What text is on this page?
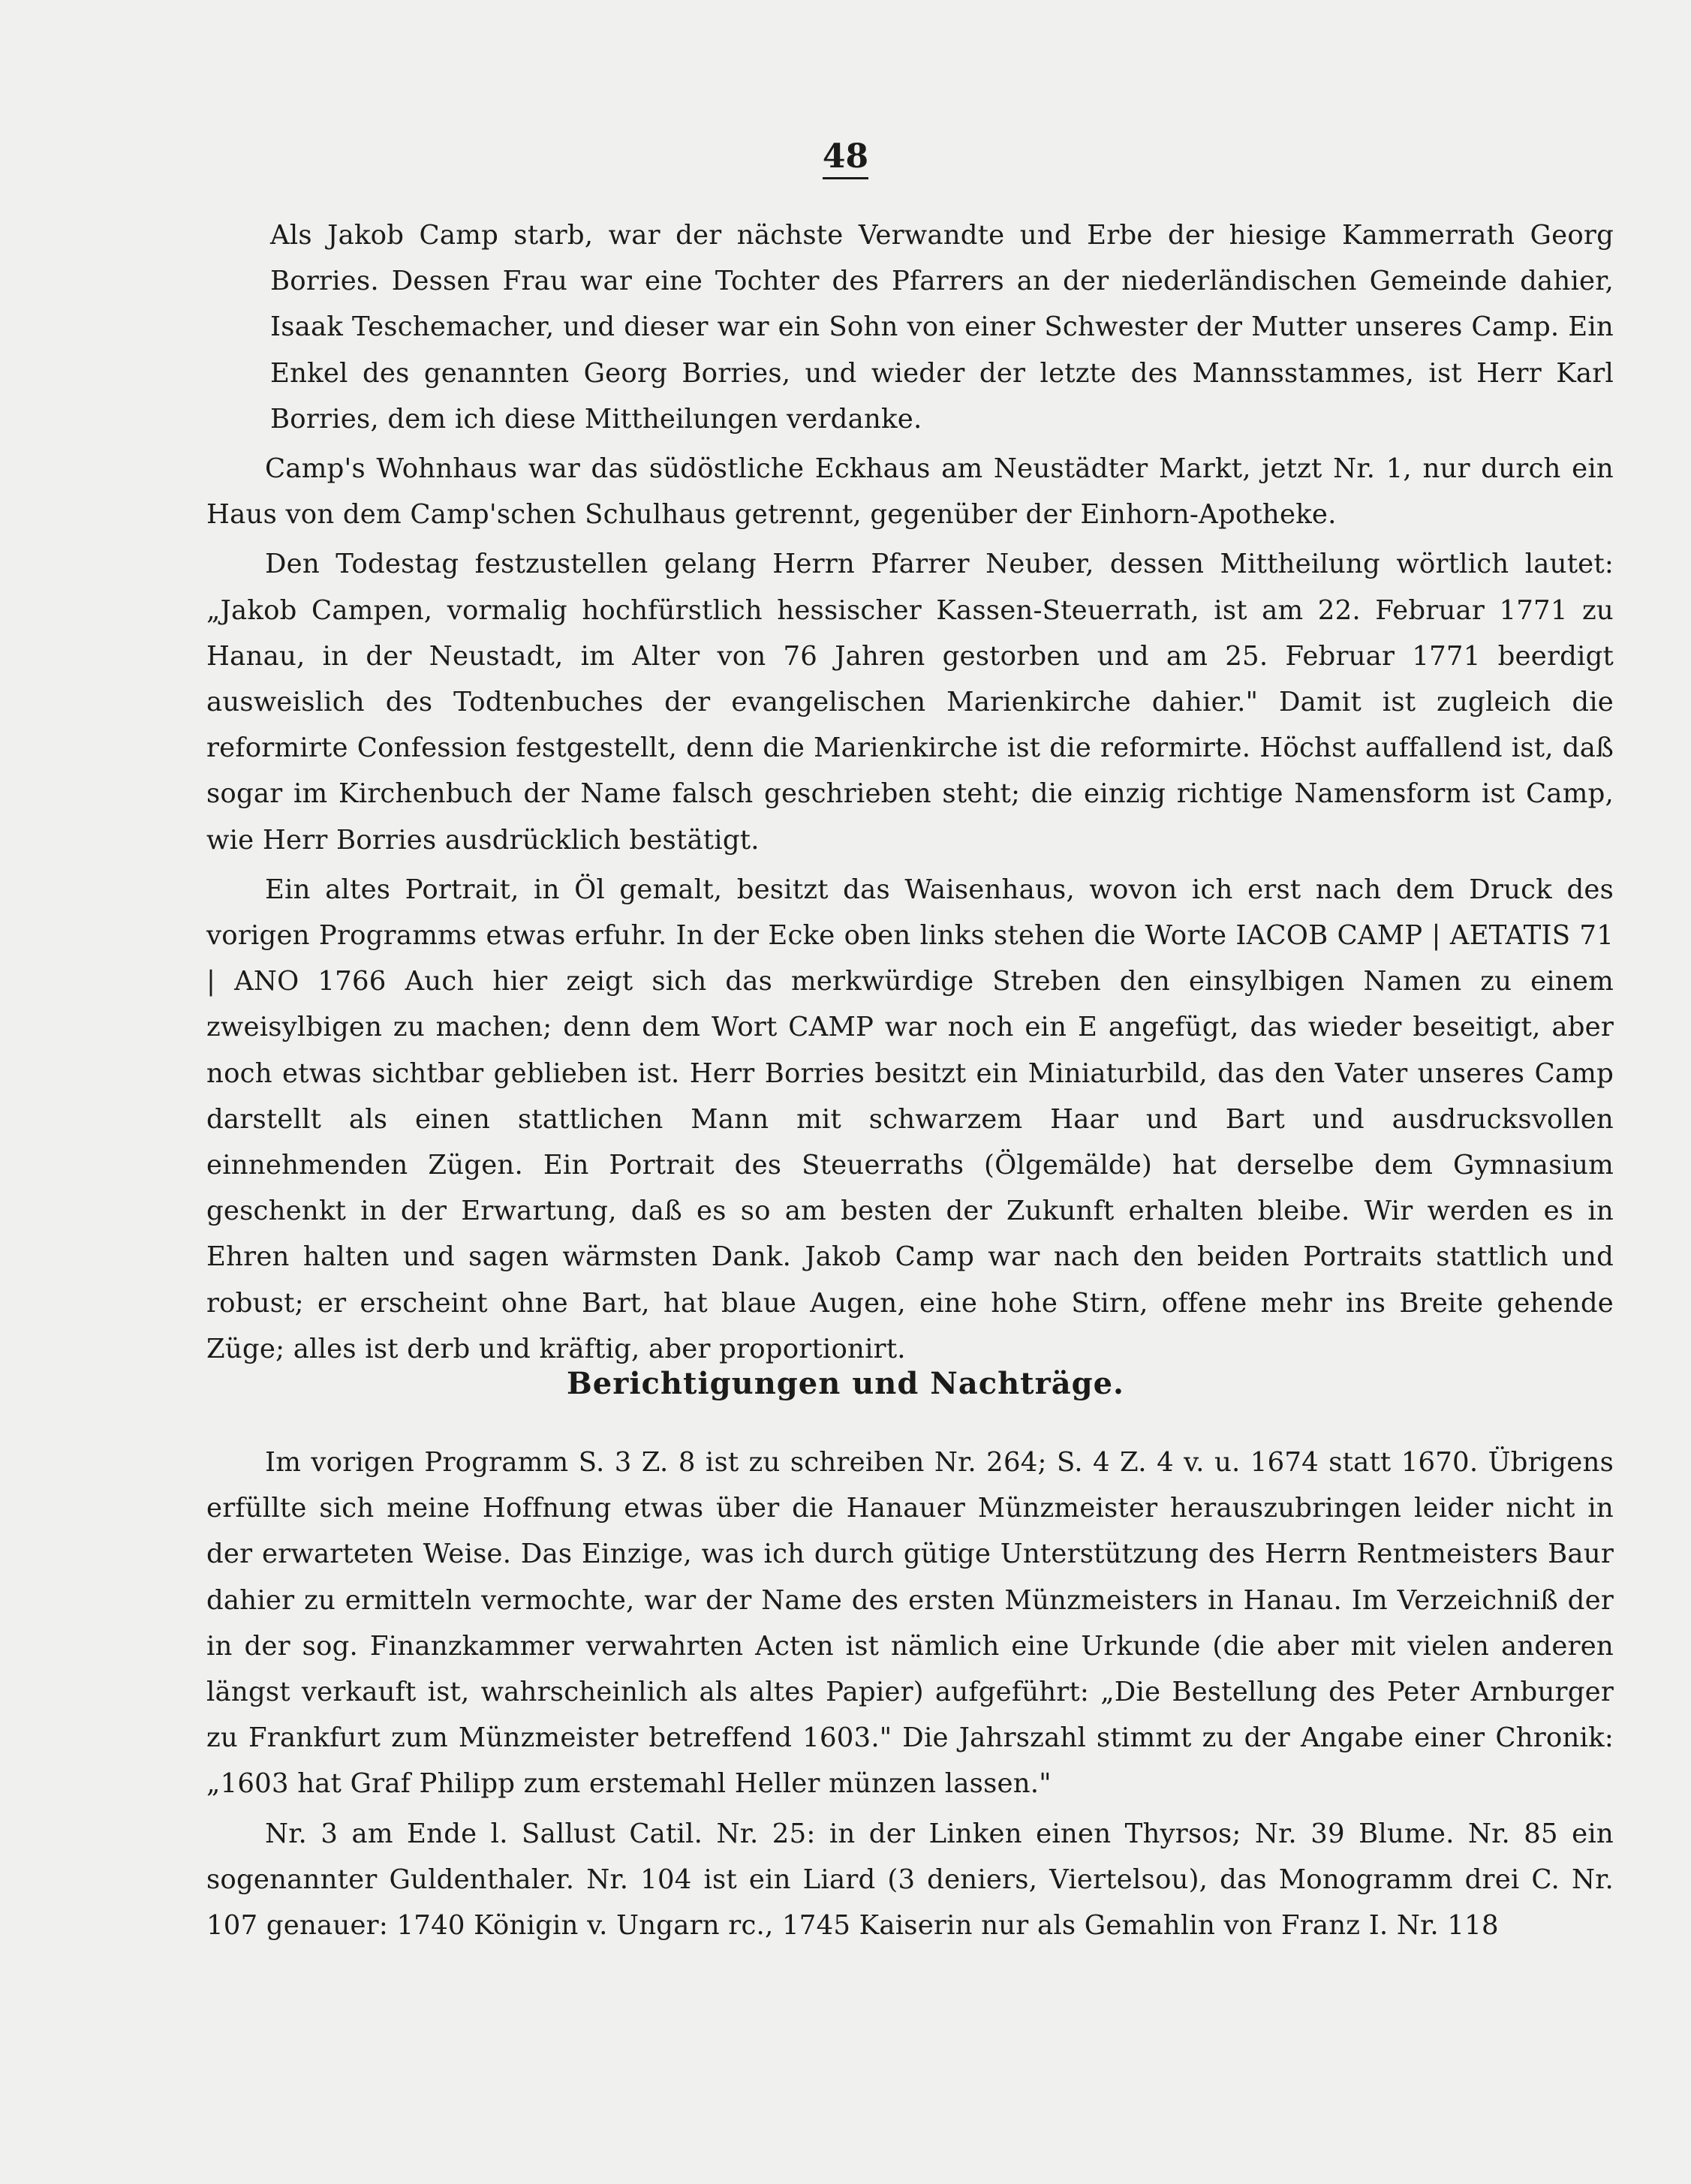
48

Als Jakob Camp starb, war der nächste Verwandte und Erbe der hiesige Kammerrath Georg Borries. Dessen Frau war eine Tochter des Pfarrers an der niederländischen Gemeinde dahier, Isaak Teschemacher, und dieser war ein Sohn von einer Schwester der Mutter unseres Camp. Ein Enkel des genannten Georg Borries, und wieder der letzte des Mannsstammes, ist Herr Karl Borries, dem ich diese Mittheilungen verdanke.

Camp's Wohnhaus war das südöstliche Eckhaus am Neustädter Markt, jetzt Nr. 1, nur durch ein Haus von dem Camp'schen Schulhaus getrennt, gegenüber der Einhorn-Apotheke.

Den Todestag festzustellen gelang Herrn Pfarrer Neuber, dessen Mittheilung wörtlich lautet: „Jakob Campen, vormalig hochfürstlich hessischer Kassen-Steuerrath, ist am 22. Februar 1771 zu Hanau, in der Neustadt, im Alter von 76 Jahren gestorben und am 25. Februar 1771 beerdigt ausweislich des Todtenbuches der evangelischen Marienkirche dahier." Damit ist zugleich die reformirte Confession festgestellt, denn die Marienkirche ist die reformirte. Höchst auffallend ist, daß sogar im Kirchenbuch der Name falsch geschrieben steht; die einzig richtige Namensform ist Camp, wie Herr Borries ausdrücklich bestätigt.

Ein altes Portrait, in Öl gemalt, besitzt das Waisenhaus, wovon ich erst nach dem Druck des vorigen Programms etwas erfuhr. In der Ecke oben links stehen die Worte IACOB CAMP | AETATIS 71 | ANO 1766 Auch hier zeigt sich das merkwürdige Streben den einsylbigen Namen zu einem zweisylbigen zu machen; denn dem Wort CAMP war noch ein E angefügt, das wieder beseitigt, aber noch etwas sichtbar geblieben ist. Herr Borries besitzt ein Miniaturbild, das den Vater unseres Camp darstellt als einen stattlichen Mann mit schwarzem Haar und Bart und ausdrucksvollen einnehmenden Zügen. Ein Portrait des Steuerraths (Ölgemälde) hat derselbe dem Gymnasium geschenkt in der Erwartung, daß es so am besten der Zukunft erhalten bleibe. Wir werden es in Ehren halten und sagen wärmsten Dank. Jakob Camp war nach den beiden Portraits stattlich und robust; er erscheint ohne Bart, hat blaue Augen, eine hohe Stirn, offene mehr ins Breite gehende Züge; alles ist derb und kräftig, aber proportionirt.

Berichtigungen und Nachträge.

Im vorigen Programm S. 3 Z. 8 ist zu schreiben Nr. 264; S. 4 Z. 4 v. u. 1674 statt 1670. Übrigens erfüllte sich meine Hoffnung etwas über die Hanauer Münzmeister herauszubringen leider nicht in der erwarteten Weise. Das Einzige, was ich durch gütige Unterstützung des Herrn Rentmeisters Baur dahier zu ermitteln vermochte, war der Name des ersten Münzmeisters in Hanau. Im Verzeichniß der in der sog. Finanzkammer verwahrten Acten ist nämlich eine Urkunde (die aber mit vielen anderen längst verkauft ist, wahrscheinlich als altes Papier) aufgeführt: „Die Bestellung des Peter Arnburger zu Frankfurt zum Münzmeister betreffend 1603." Die Jahrszahl stimmt zu der Angabe einer Chronik: „1603 hat Graf Philipp zum erstemahl Heller münzen lassen."

Nr. 3 am Ende l. Sallust Catil. Nr. 25: in der Linken einen Thyrsos; Nr. 39 Blume. Nr. 85 ein sogenannter Guldenthaler. Nr. 104 ist ein Liard (3 deniers, Viertelsou), das Monogramm drei C. Nr. 107 genauer: 1740 Königin v. Ungarn rc., 1745 Kaiserin nur als Gemahlin von Franz I. Nr. 118
